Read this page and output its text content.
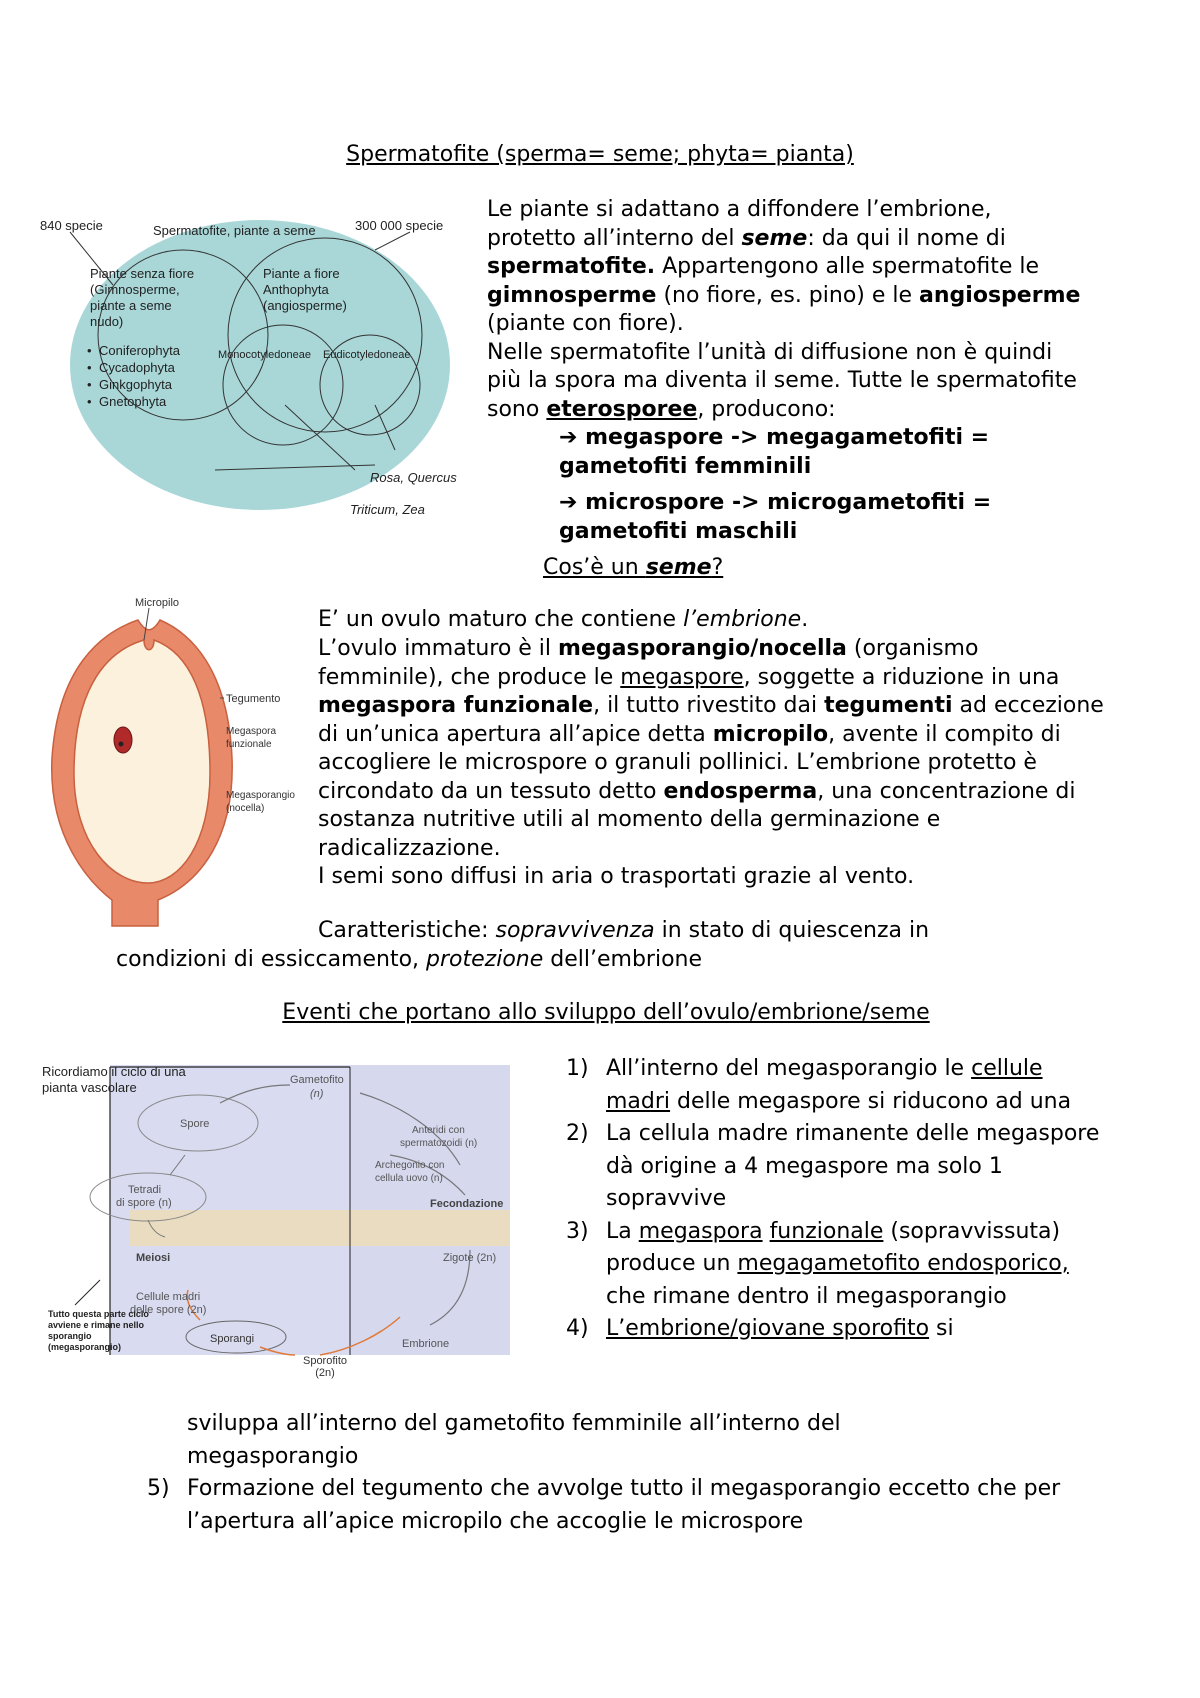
Spermatofite (sperma= seme; phyta= pianta)
840 specie	300 000 specie
Spermatofite, piante a seme
Piante senza fiore
(Gimnosperme,
piante a seme
nudo)
Piante a fiore
Anthophyta
(angiosperme)
Monocotyledoneae Eudicotyledoneae
• Coniferophyta
• Cycadophyta
• Ginkgophyta
• Gnetophyta
Rosa, Quercus
Triticum, Zea
Le piante si adattano a diffondere l’embrione, protetto all’interno del seme: da qui il nome di spermatofite. Appartengono alle spermatofite le gimnosperme (no fiore, es. pino) e le angiosperme (piante con fiore).
Nelle spermatofite l’unità di diffusione non è quindi più la spora ma diventa il seme. Tutte le spermatofite sono eterosporee, producono:
➔ megaspore -> megagametofiti = gametofiti femminili
➔ microspore -> microgametofiti = gametofiti maschili
Cos’è un seme?
Micropilo
Tegumento
Megaspora
funzionale
Megasporangio
(nocella)
E’ un ovulo maturo che contiene l’embrione.
L’ovulo immaturo è il megasporangio/nocella (organismo femminile), che produce le megaspore, soggette a riduzione in una megaspora funzionale, il tutto rivestito dai tegumenti ad eccezione di un’unica apertura all’apice detta micropilo, avente il compito di accogliere le microspore o granuli pollinici. L’embrione protetto è circondato da un tessuto detto endosperma, una concentrazione di sostanza nutritive utili al momento della germinazione e radicalizzazione.
I semi sono diffusi in aria o trasportati grazie al vento.
Caratteristiche: sopravvivenza in stato di quiescenza in
condizioni di essiccamento, protezione dell’embrione
Eventi che portano allo sviluppo dell’ovulo/embrione/seme
Ricordiamo il ciclo di una
pianta vascolare	Gametofito
(n)
Spore
Anteridi con
spermatozoidi (n)
Archegonio con
cellula uovo (n)
Tetradi
di spore (n)	Fecondazione
Meiosi	Zigote (2n)
Cellule madri
delle spore (2n)
Embrione
Tutto questa parte ciclo
avviene e rimane nello
sporangio
(megasporangio)
Sporangi
Sporofito
(2n)
1) All’interno del megasporangio le cellule madri delle megaspore si riducono ad una
2) La cellula madre rimanente delle megaspore dà origine a 4 megaspore ma solo 1 sopravvive
3) La megaspora funzionale (sopravvissuta) produce un megagametofito endosporico, che rimane dentro il megasporangio
4) L’embrione/giovane sporofito si
sviluppa all’interno del gametofito femminile all’interno del megasporangio
5) Formazione del tegumento che avvolge tutto il megasporangio eccetto che per l’apertura all’apice micropilo che accoglie le microspore
